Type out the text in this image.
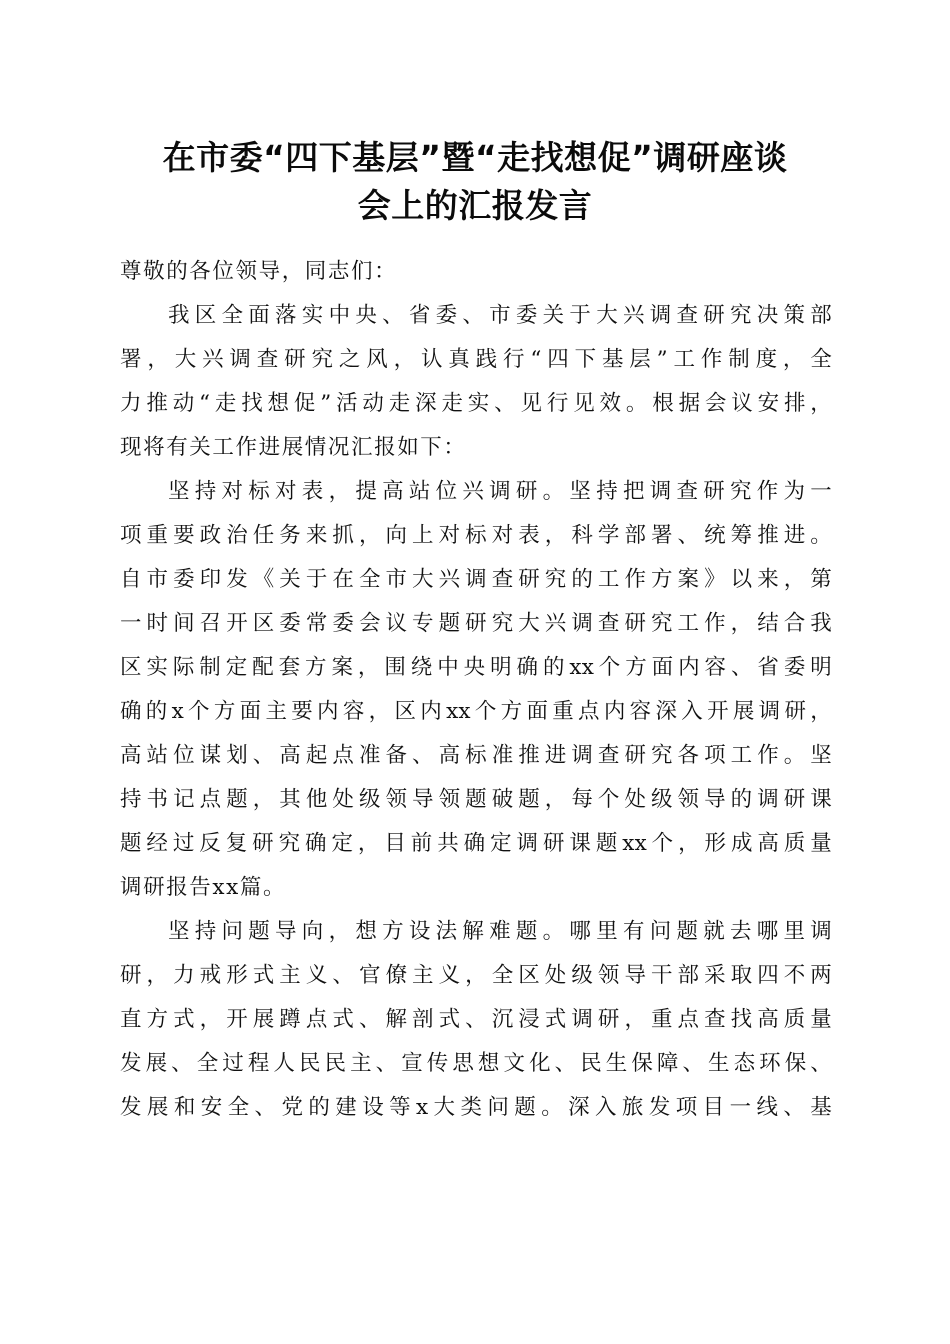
在市委“四下基层”暨“走找想促”调研座谈
会上的汇报发言

尊敬的各位领导，同志们：

我区全面落实中央、省委、市委关于大兴调查研究决策部
署，大兴调查研究之风，认真践行“四下基层”工作制度，全
力推动“走找想促”活动走深走实、见行见效。根据会议安排，
现将有关工作进展情况汇报如下：

坚持对标对表，提高站位兴调研。坚持把调查研究作为一
项重要政治任务来抓，向上对标对表，科学部署、统筹推进。
自市委印发《关于在全市大兴调查研究的工作方案》以来，第
一时间召开区委常委会议专题研究大兴调查研究工作，结合我
区实际制定配套方案，围绕中央明确的xx个方面内容、省委明
确的x个方面主要内容，区内xx个方面重点内容深入开展调研，
高站位谋划、高起点准备、高标准推进调查研究各项工作。坚
持书记点题，其他处级领导领题破题，每个处级领导的调研课
题经过反复研究确定，目前共确定调研课题xx个，形成高质量
调研报告xx篇。

坚持问题导向，想方设法解难题。哪里有问题就去哪里调
研，力戒形式主义、官僚主义，全区处级领导干部采取四不两
直方式，开展蹲点式、解剖式、沉浸式调研，重点查找高质量
发展、全过程人民民主、宣传思想文化、民生保障、生态环保、
发展和安全、党的建设等x大类问题。深入旅发项目一线、基
